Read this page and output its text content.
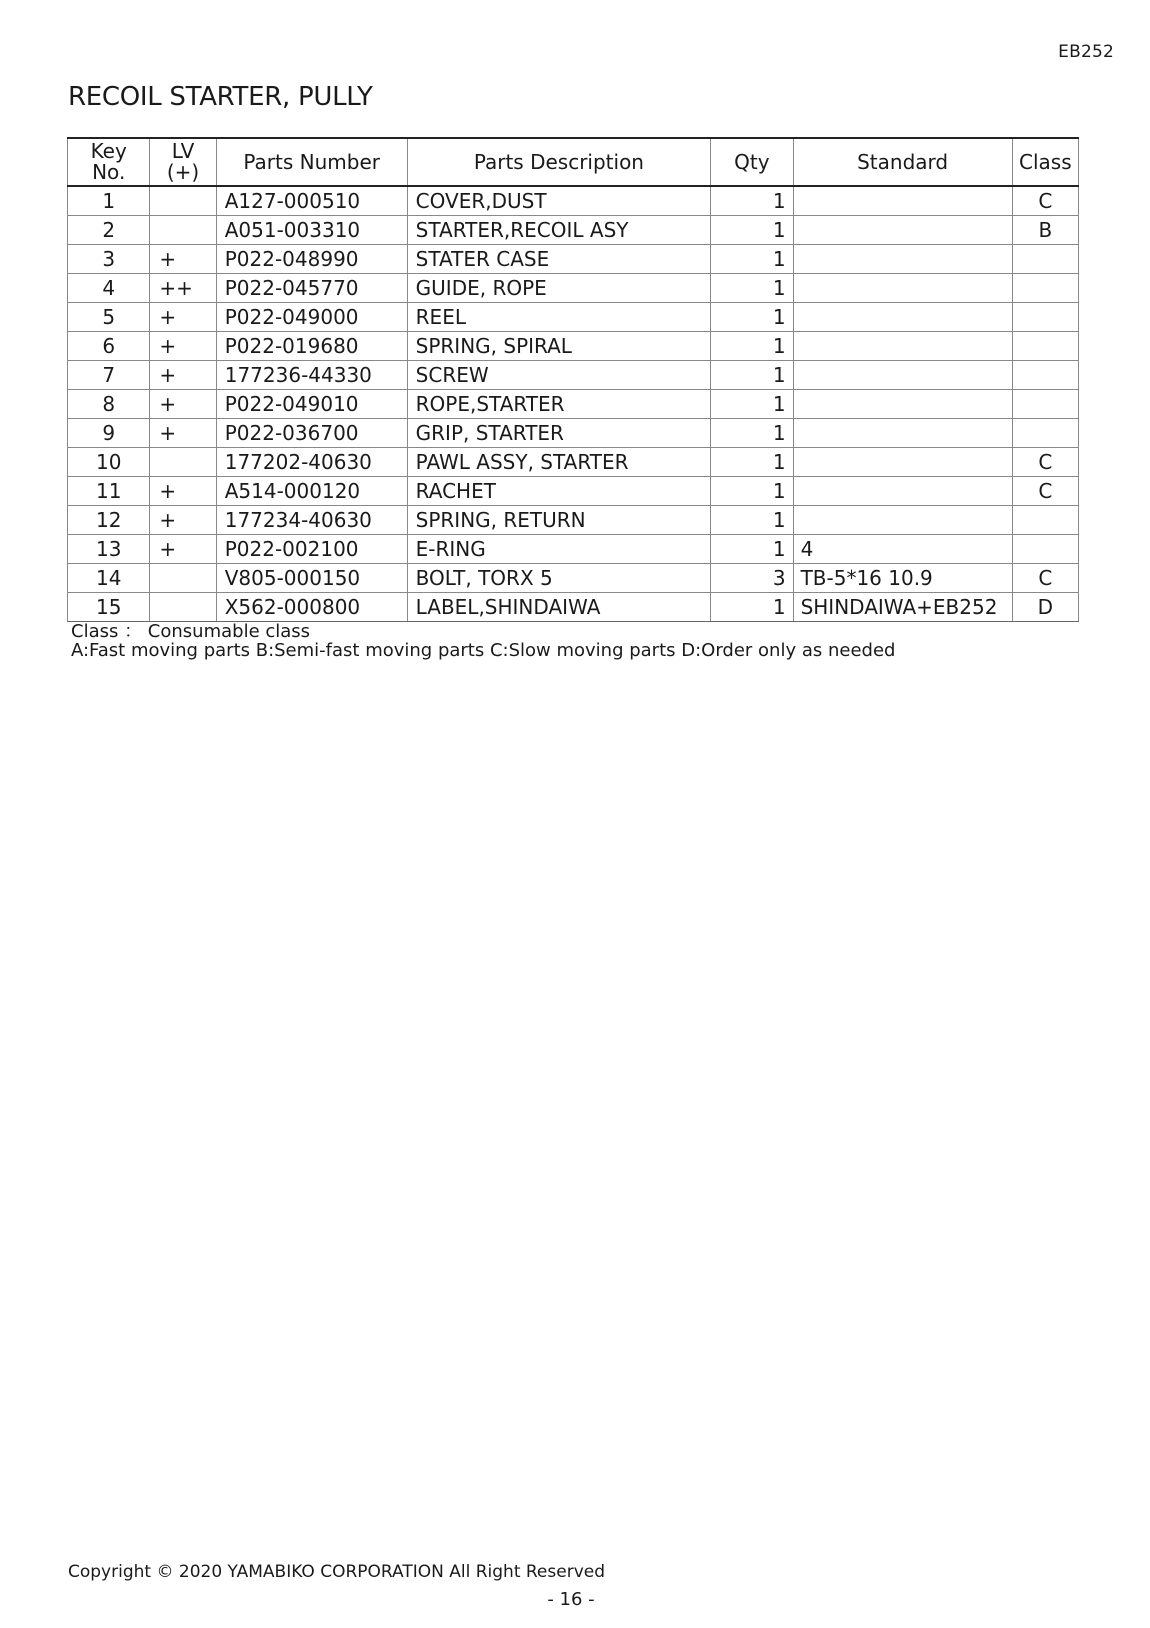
EB252
RECOIL STARTER, PULLY
Key
No.	LV
(+)	Parts Number	Parts Description	Qty	Standard	Class
1		A127-000510	COVER,DUST	1		C
2		A051-003310	STARTER,RECOIL ASY	1		B
3	+	P022-048990	STATER CASE	1		
4	++	P022-045770	GUIDE, ROPE	1		
5	+	P022-049000	REEL	1		
6	+	P022-019680	SPRING, SPIRAL	1		
7	+	177236-44330	SCREW	1		
8	+	P022-049010	ROPE,STARTER	1		
9	+	P022-036700	GRIP, STARTER	1		
10		177202-40630	PAWL ASSY, STARTER	1		C
11	+	A514-000120	RACHET	1		C
12	+	177234-40630	SPRING, RETURN	1		
13	+	P022-002100	E-RING	1	4	
14		V805-000150	BOLT, TORX 5	3	TB-5*16 10.9	C
15		X562-000800	LABEL,SHINDAIWA	1	SHINDAIWA+EB252	D
Class ： Consumable class
A:Fast moving parts B:Semi-fast moving parts C:Slow moving parts D:Order only as needed
Copyright © 2020 YAMABIKO CORPORATION All Right Reserved
- 16 -
